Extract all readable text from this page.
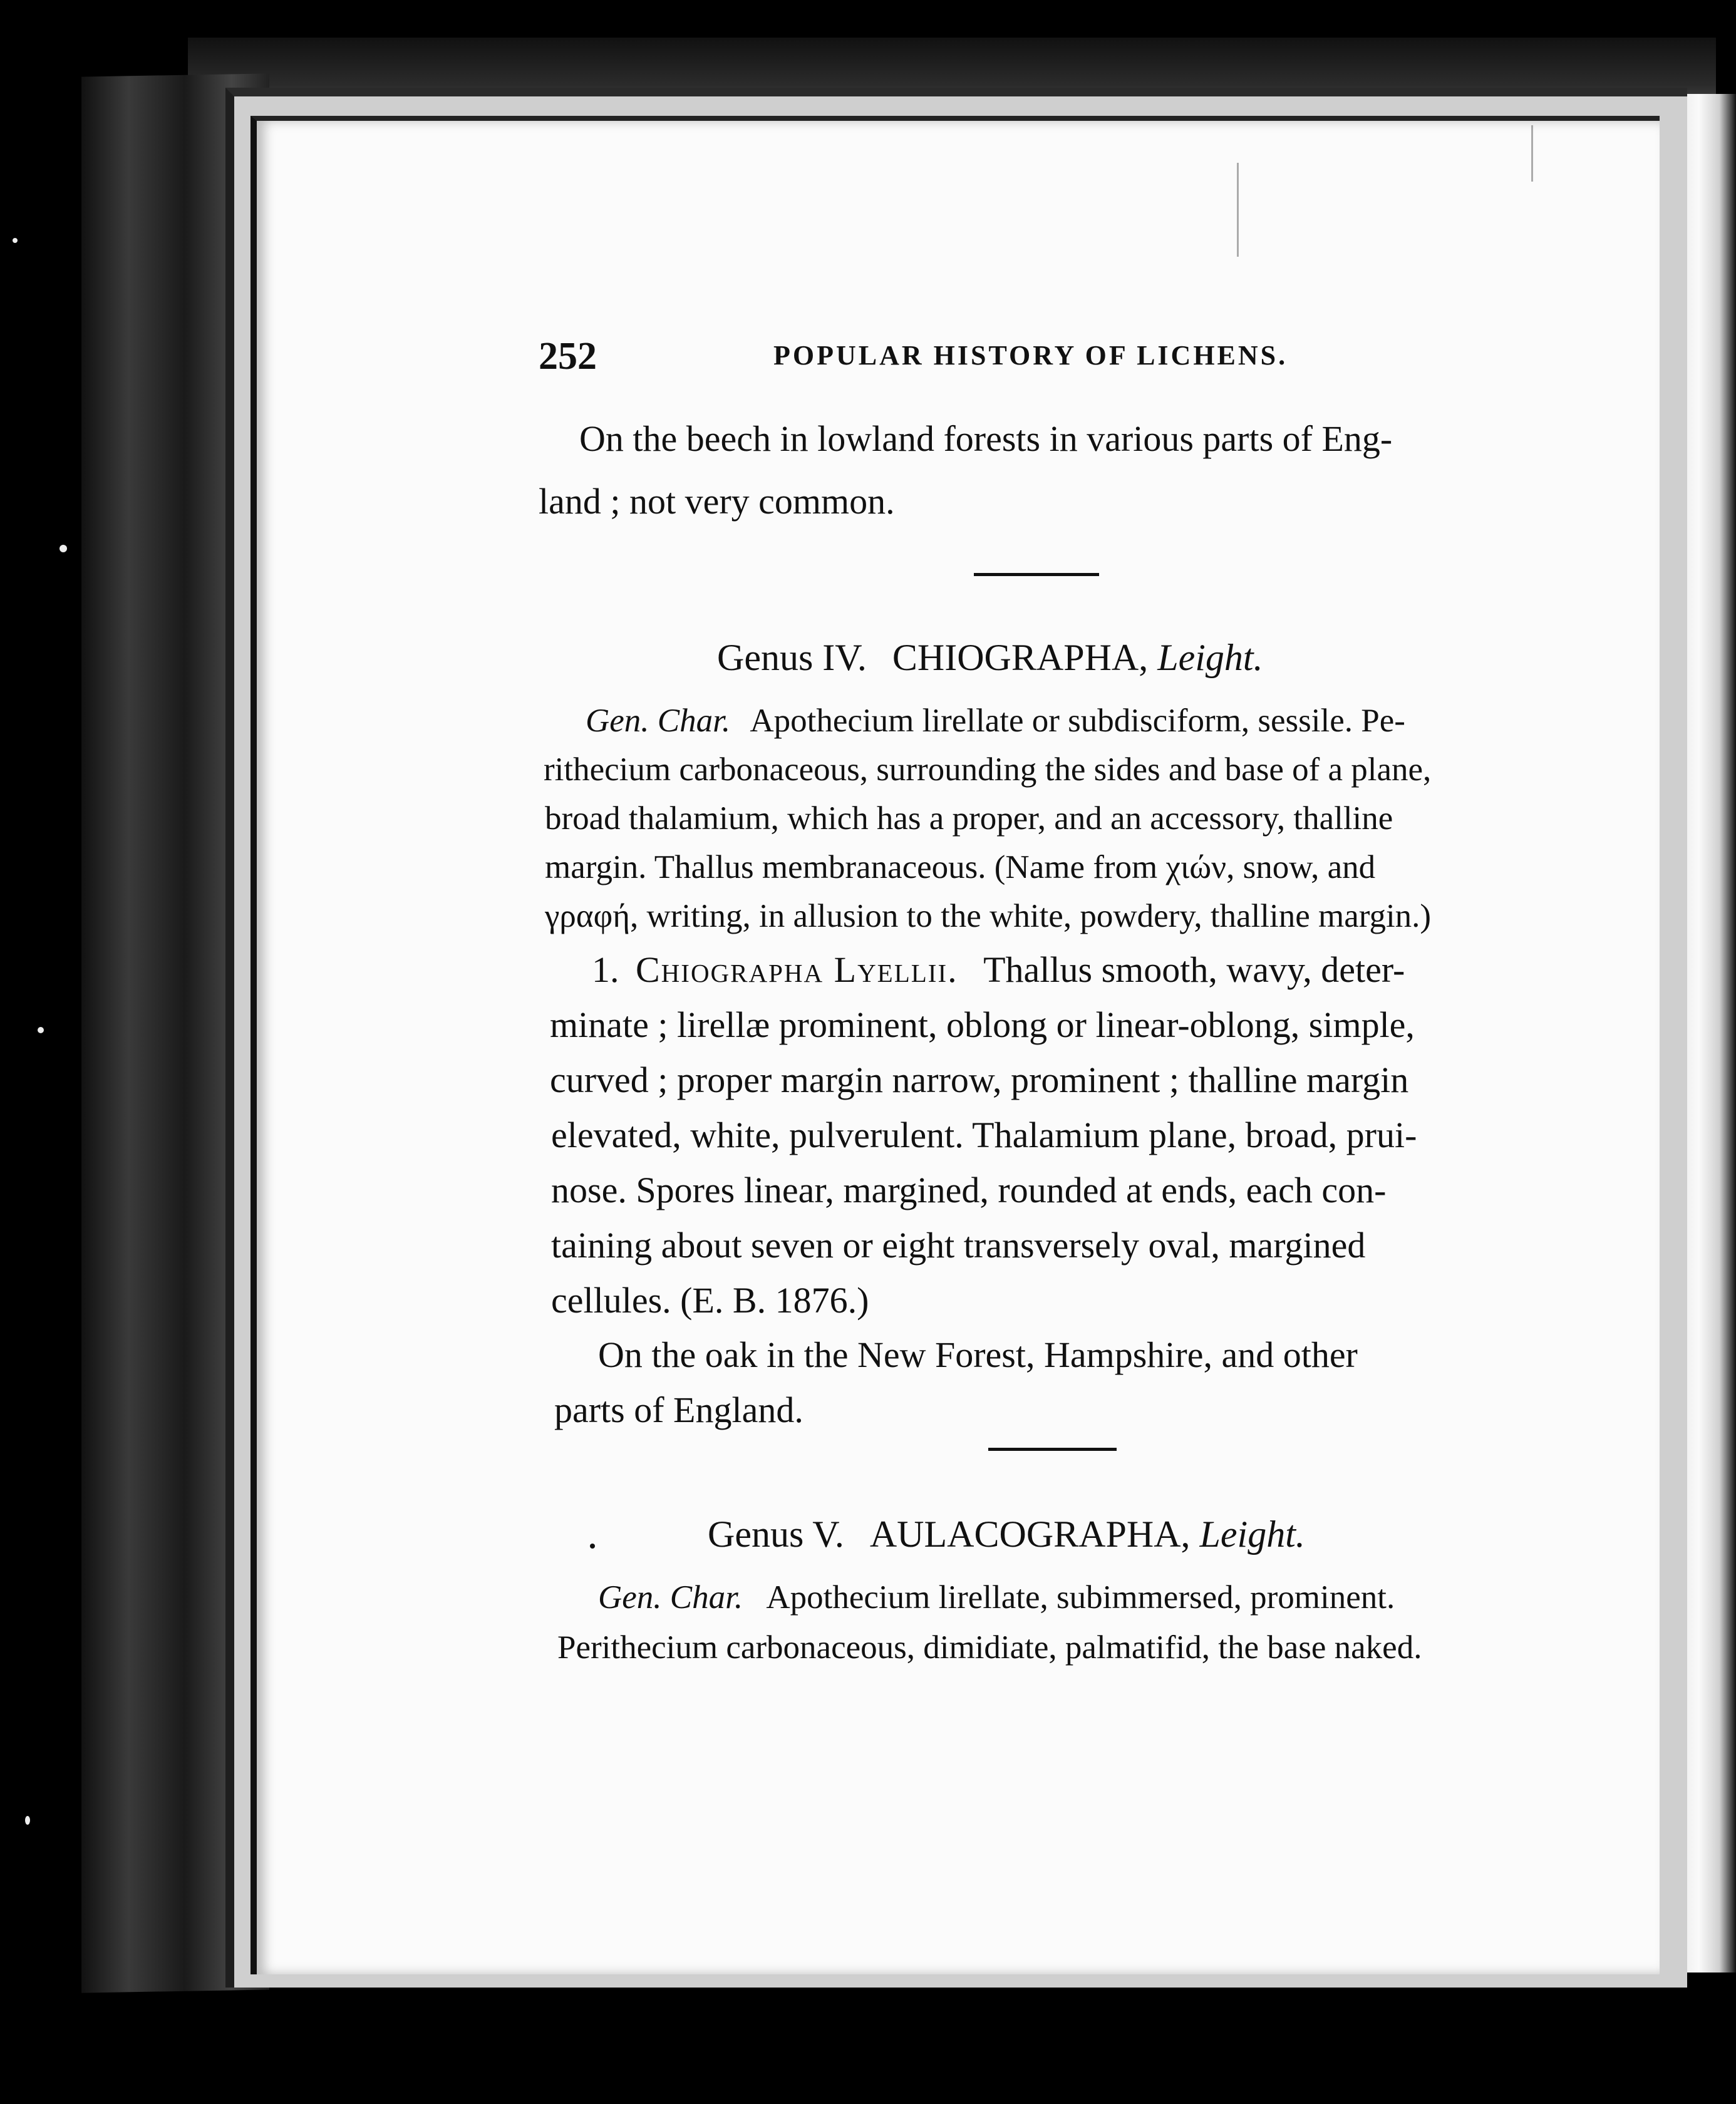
252	POPULAR HISTORY OF LICHENS.
On the beech in lowland forests in various parts of Eng-
land ; not very common.
Genus IV. CHIOGRAPHA, Leight.
Gen. Char. Apothecium lirellate or subdisciform, sessile. Pe-
rithecium carbonaceous, surrounding the sides and base of a plane,
broad thalamium, which has a proper, and an accessory, thalline
margin. Thallus membranaceous. (Name from χιών, snow, and
γραφή, writing, in allusion to the white, powdery, thalline margin.)
1. Chiographa Lyellii. Thallus smooth, wavy, deter-
minate ; lirellæ prominent, oblong or linear-oblong, simple,
curved ; proper margin narrow, prominent ; thalline margin
elevated, white, pulverulent. Thalamium plane, broad, prui-
nose. Spores linear, margined, rounded at ends, each con-
taining about seven or eight transversely oval, margined
cellules. (E. B. 1876.)
On the oak in the New Forest, Hampshire, and other
parts of England.
Genus V. AULACOGRAPHA, Leight.
Gen. Char. Apothecium lirellate, subimmersed, prominent.
Perithecium carbonaceous, dimidiate, palmatifid, the base naked.
